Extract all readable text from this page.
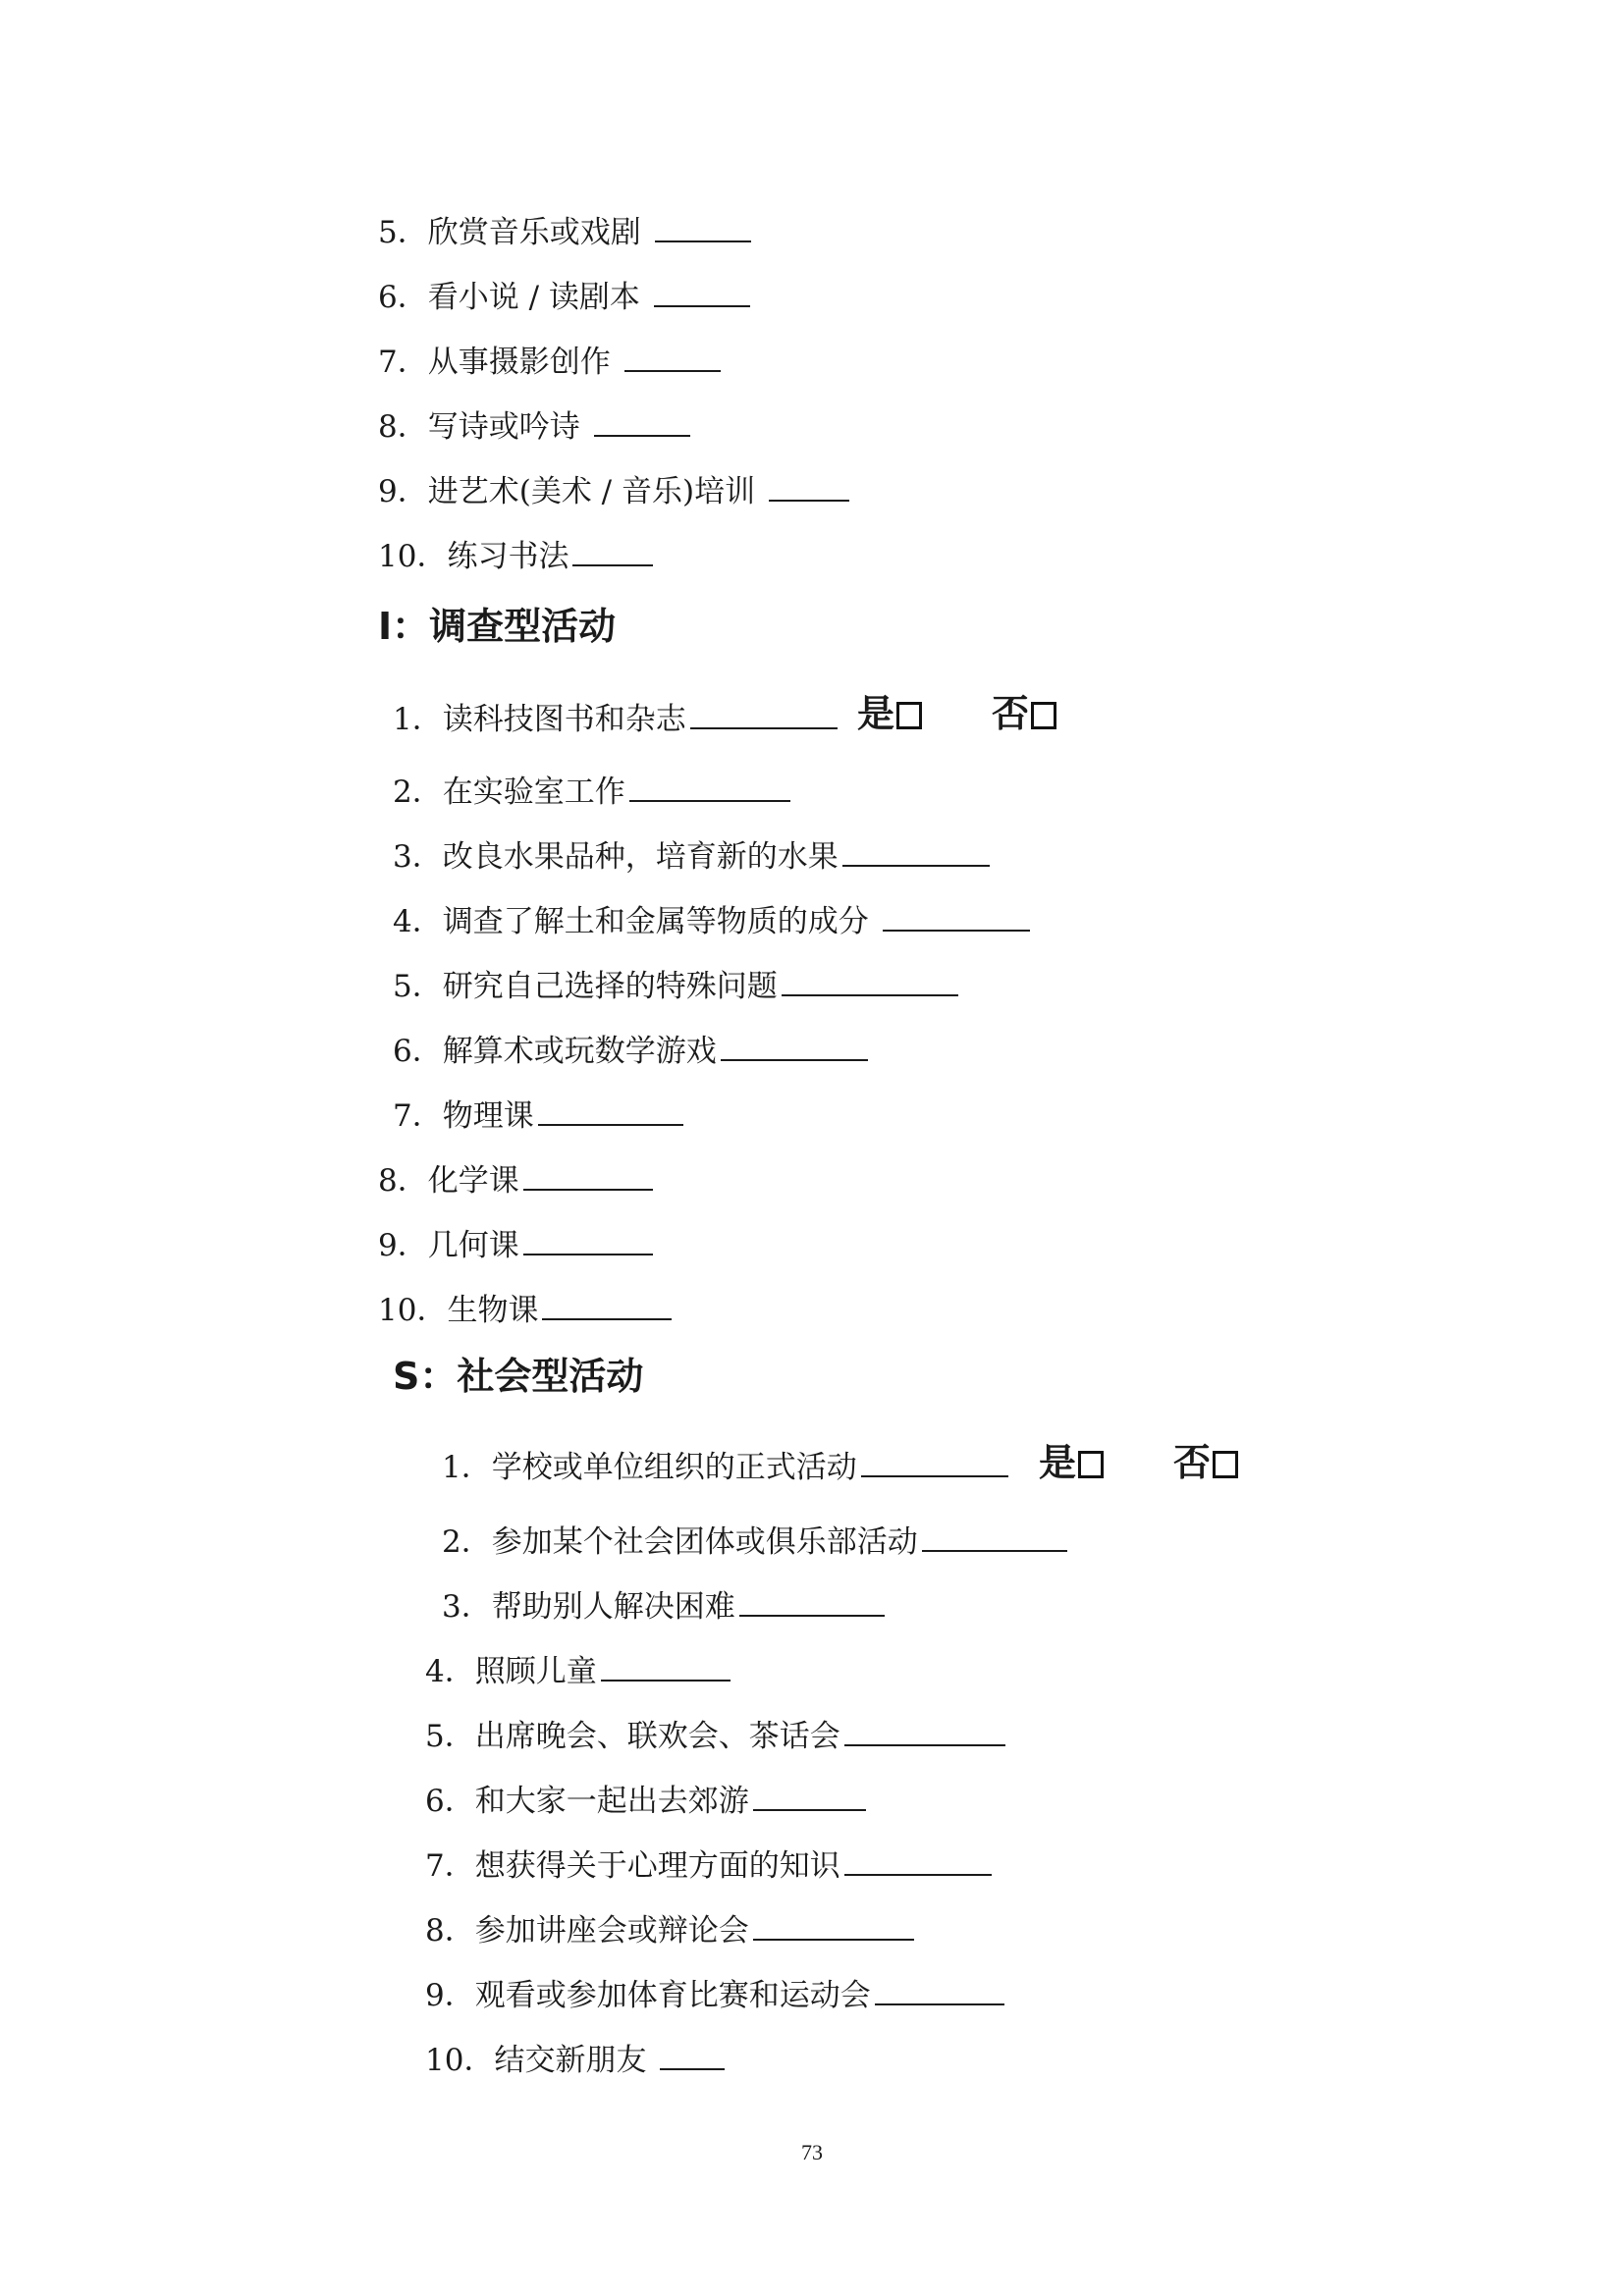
5．欣赏音乐或戏剧
6．看小说 / 读剧本
7．从事摄影创作
8．写诗或吟诗
9．进艺术(美术 / 音乐)培训
10．练习书法
I：调查型活动
1．读科技图书和杂志	是	否
2．在实验室工作
3．改良水果品种，培育新的水果
4．调查了解土和金属等物质的成分
5．研究自己选择的特殊问题
6．解算术或玩数学游戏
7．物理课
8．化学课
9．几何课
10．生物课
S：社会型活动
1．学校或单位组织的正式活动	是	否
2．参加某个社会团体或俱乐部活动
3．帮助别人解决困难
4．照顾儿童
5．出席晚会、联欢会、茶话会
6．和大家一起出去郊游
7．想获得关于心理方面的知识
8．参加讲座会或辩论会
9．观看或参加体育比赛和运动会
10．结交新朋友
73
